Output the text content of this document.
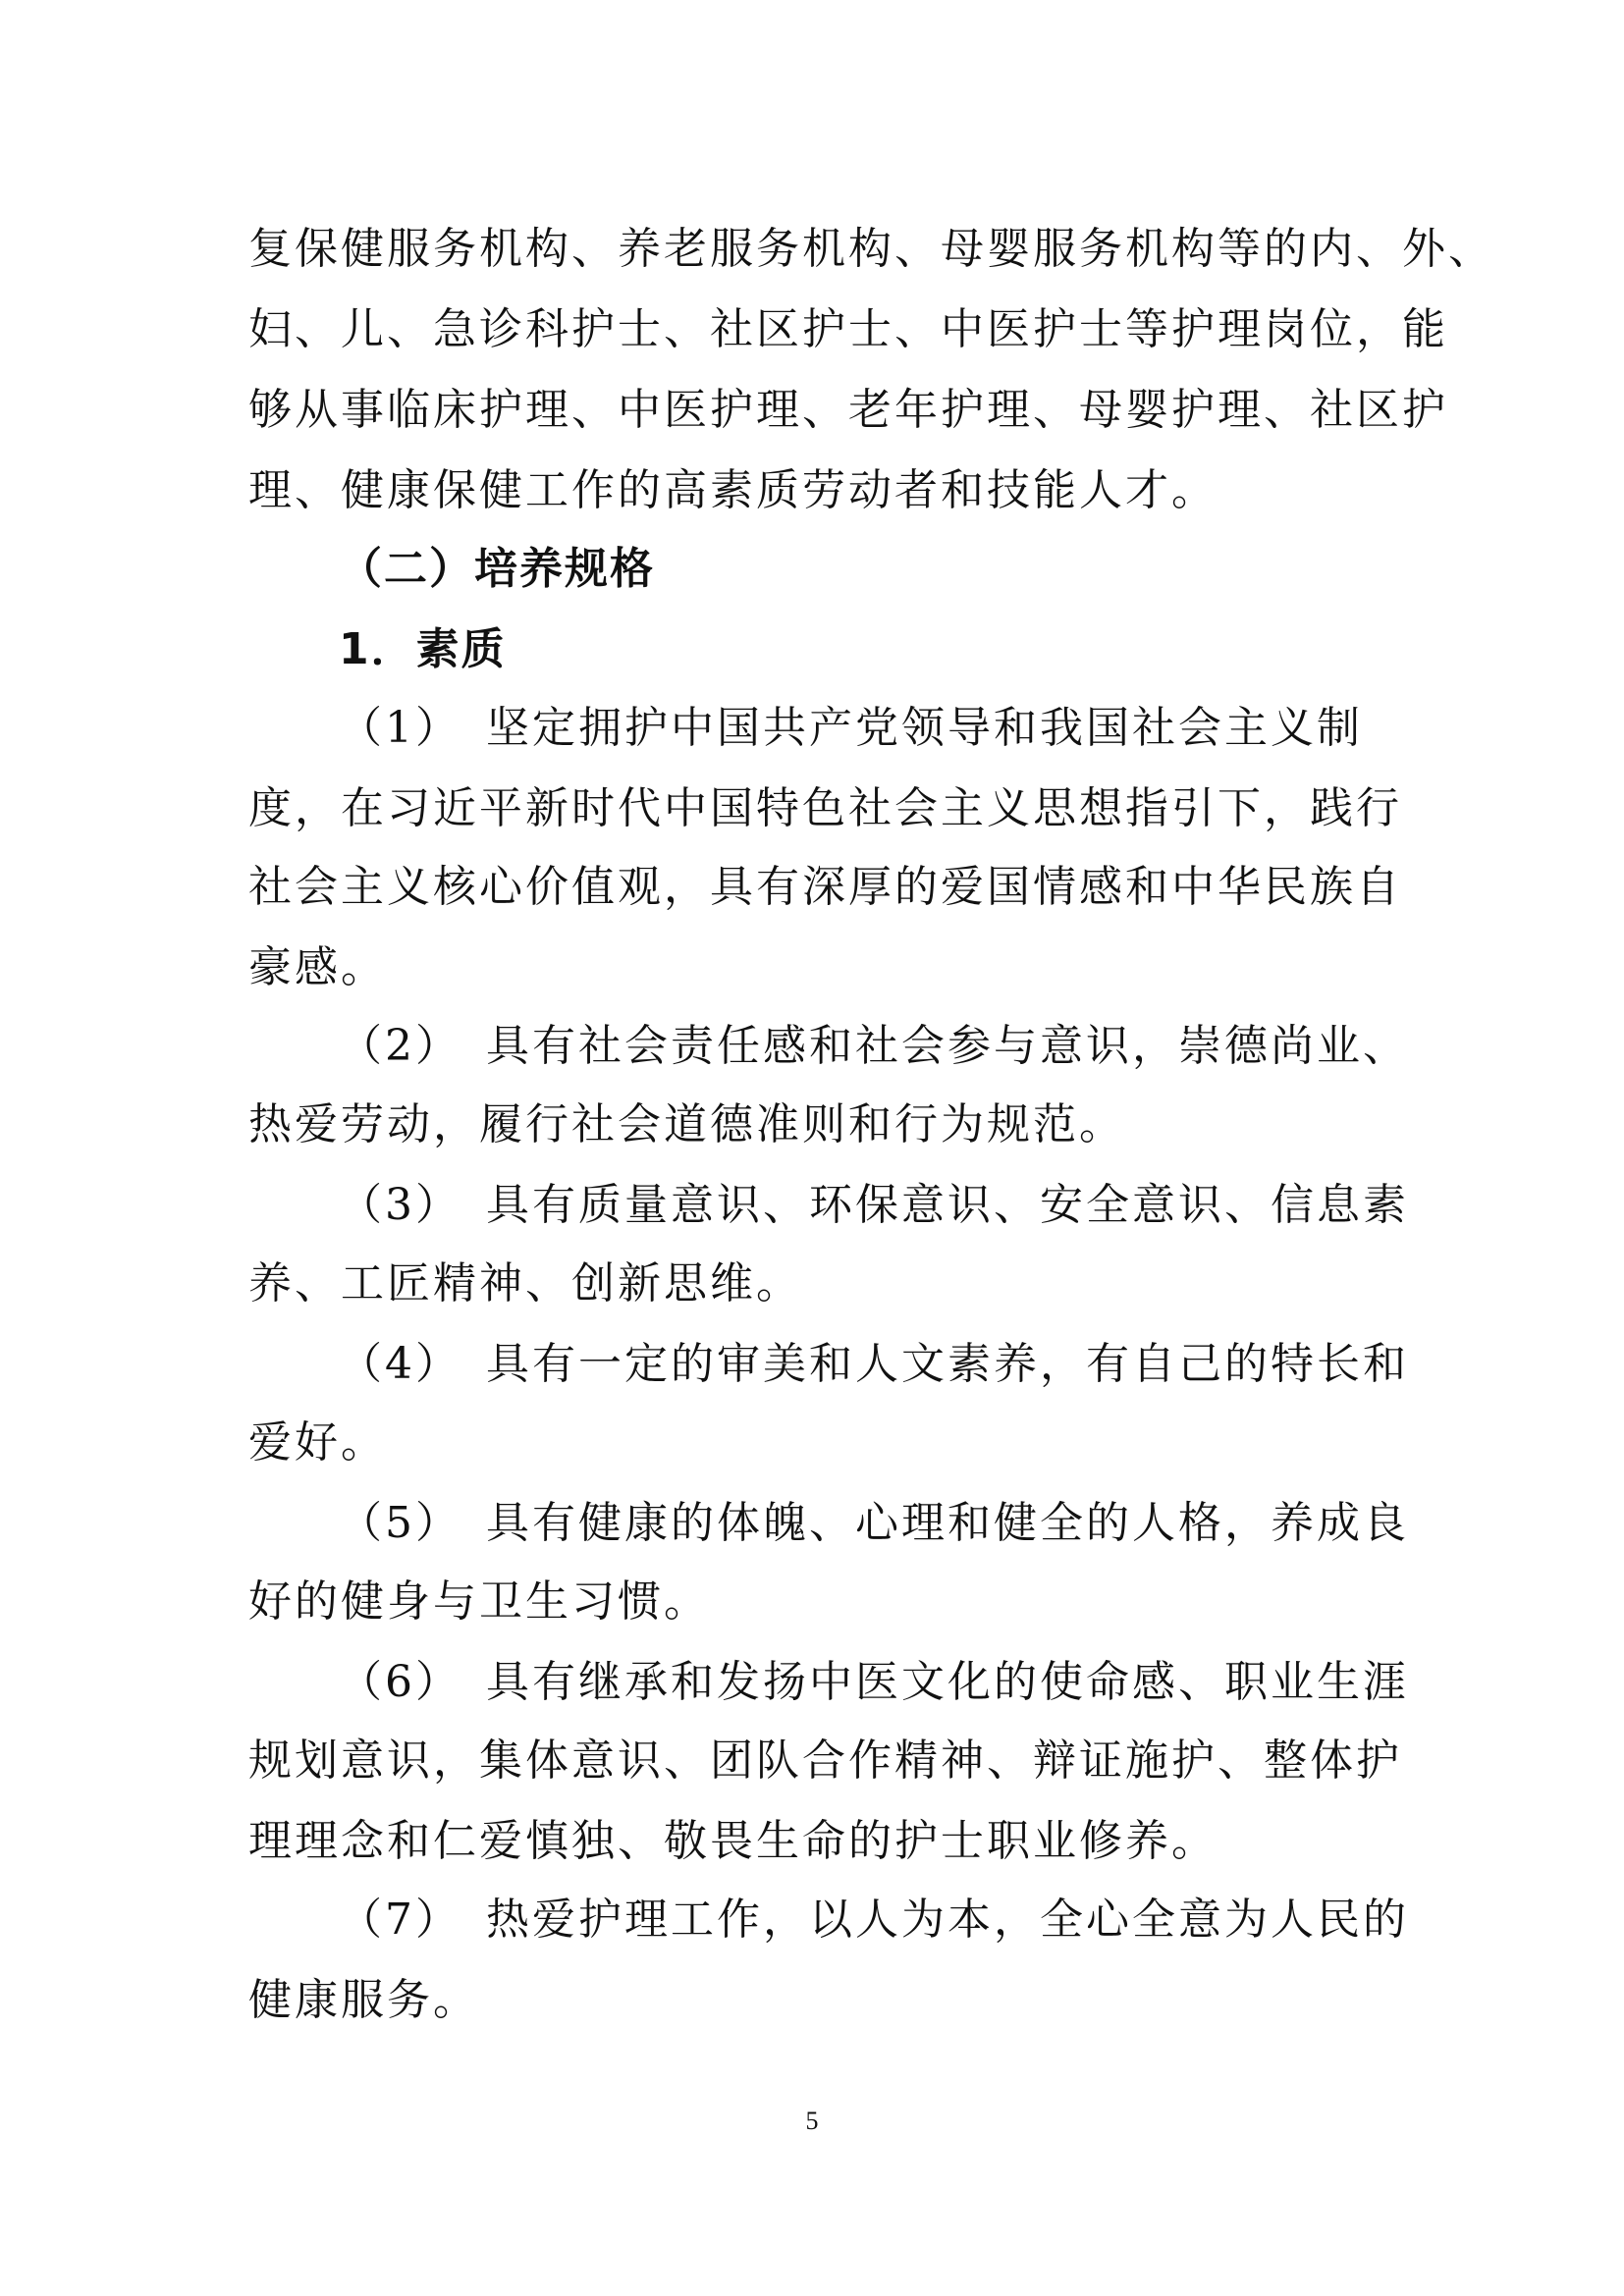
复保健服务机构、养老服务机构、母婴服务机构等的内、外、
妇、儿、急诊科护士、社区护士、中医护士等护理岗位，能
够从事临床护理、中医护理、老年护理、母婴护理、社区护
理、健康保健工作的高素质劳动者和技能人才。
（二）培养规格
1．素质
（1）　坚定拥护中国共产党领导和我国社会主义制
度，在习近平新时代中国特色社会主义思想指引下，践行
社会主义核心价值观，具有深厚的爱国情感和中华民族自
豪感。
（2）　具有社会责任感和社会参与意识，崇德尚业、
热爱劳动，履行社会道德准则和行为规范。
（3）　具有质量意识、环保意识、安全意识、信息素
养、工匠精神、创新思维。
（4）　具有一定的审美和人文素养，有自己的特长和
爱好。
（5）　具有健康的体魄、心理和健全的人格，养成良
好的健身与卫生习惯。
（6）　具有继承和发扬中医文化的使命感、职业生涯
规划意识，集体意识、团队合作精神、辩证施护、整体护
理理念和仁爱慎独、敬畏生命的护士职业修养。
（7）　热爱护理工作，以人为本，全心全意为人民的
健康服务。
5
